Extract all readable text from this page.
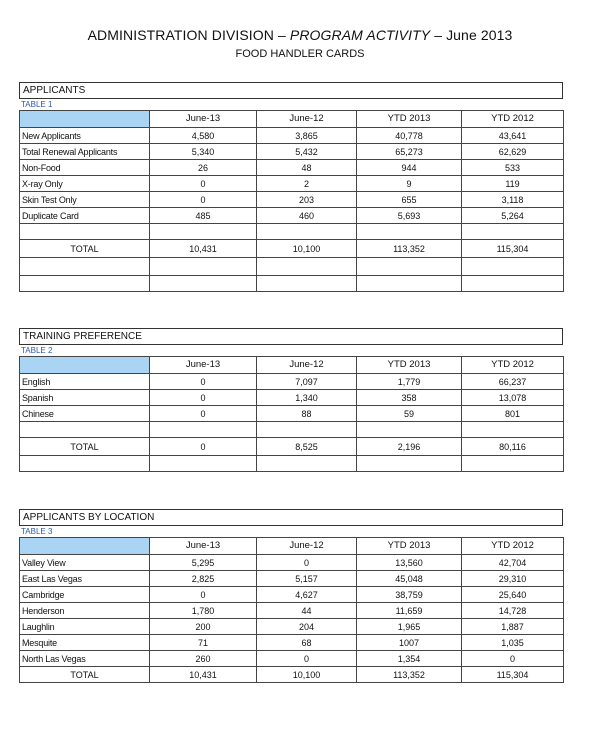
ADMINISTRATION DIVISION – PROGRAM ACTIVITY – June 2013
FOOD HANDLER CARDS
APPLICANTS
TABLE 1
	June-13	June-12	YTD 2013	YTD 2012
New Applicants	4,580	3,865	40,778	43,641
Total Renewal Applicants	5,340	5,432	65,273	62,629
Non-Food	26	48	944	533
X-ray Only	0	2	9	119
Skin Test Only	0	203	655	3,118
Duplicate Card	485	460	5,693	5,264

TOTAL	10,431	10,100	113,352	115,304

TRAINING PREFERENCE
TABLE 2
	June-13	June-12	YTD 2013	YTD 2012
English	0	7,097	1,779	66,237
Spanish	0	1,340	358	13,078
Chinese	0	88	59	801

TOTAL	0	8,525	2,196	80,116

APPLICANTS BY LOCATION
TABLE 3
	June-13	June-12	YTD 2013	YTD 2012
Valley View	5,295	0	13,560	42,704
East Las Vegas	2,825	5,157	45,048	29,310
Cambridge	0	4,627	38,759	25,640
Henderson	1,780	44	11,659	14,728
Laughlin	200	204	1,965	1,887
Mesquite	71	68	1007	1,035
North Las Vegas	260	0	1,354	0
TOTAL	10,431	10,100	113,352	115,304
